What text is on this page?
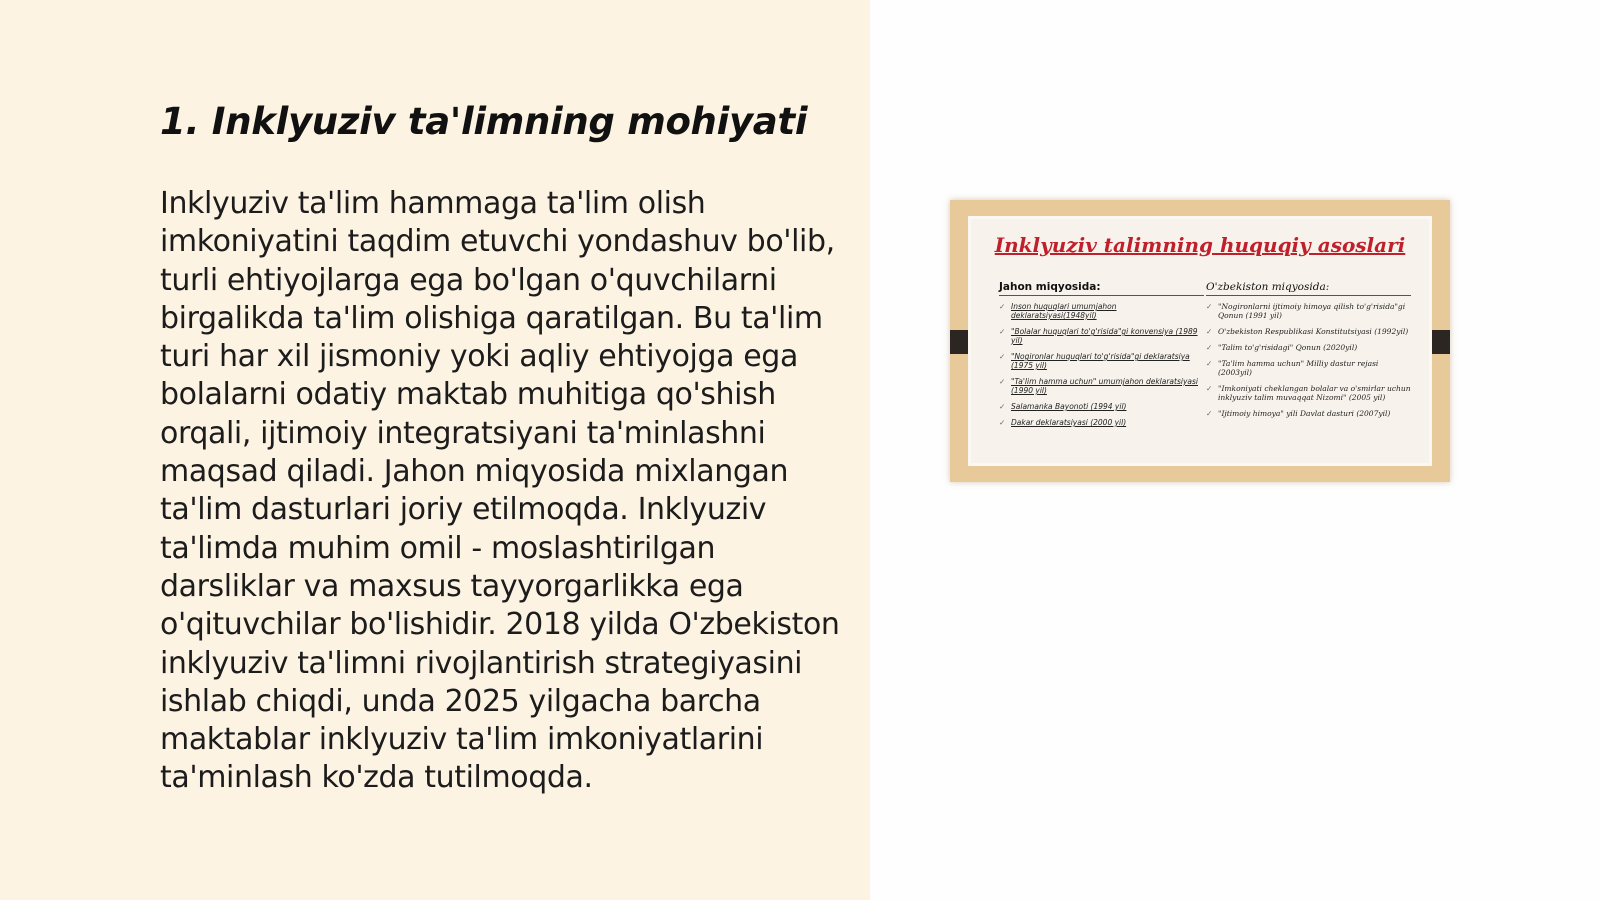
1. Inklyuziv ta'limning mohiyati

Inklyuziv ta'lim hammaga ta'lim olish imkoniyatini taqdim etuvchi yondashuv bo'lib, turli ehtiyojlarga ega bo'lgan o'quvchilarni birgalikda ta'lim olishiga qaratilgan. Bu ta'lim turi har xil jismoniy yoki aqliy ehtiyojga ega bolalarni odatiy maktab muhitiga qo'shish orqali, ijtimoiy integratsiyani ta'minlashni maqsad qiladi. Jahon miqyosida mixlangan ta'lim dasturlari joriy etilmoqda. Inklyuziv ta'limda muhim omil - moslashtirilgan darsliklar va maxsus tayyorgarlikka ega o'qituvchilar bo'lishidir. 2018 yilda O'zbekiston inklyuziv ta'limni rivojlantirish strategiyasini ishlab chiqdi, unda 2025 yilgacha barcha maktablar inklyuziv ta'lim imkoniyatlarini ta'minlash ko'zda tutilmoqda.

Inklyuziv talimning huquqiy asoslari
Jahon miqyosida:
✓ Inson huquqlari umumjahon deklaratsiyasi(1948yil)
✓ "Bolalar huquqlari to'g'risida"gi konvensiya (1989 yil)
✓ "Nogironlar huquqlari to'g'risida"gi deklaratsiya (1975 yil)
✓ "Ta'lim hamma uchun" umumjahon deklaratsiyasi (1990 yil)
✓ Salamanka Bayonoti (1994 yil)
✓ Dakar deklaratsiyasi (2000 yil)
O'zbekiston miqyosida:
✓ "Nogironlarni ijtimoiy himoya qilish to'g'risida"gi Qonun (1991 yil)
✓ O'zbekiston Respublikasi Konstitutsiyasi (1992yil)
✓ "Talim to'g'risidagi" Qonun (2020yil)
✓ "Ta'lim hamma uchun" Milliy dastur rejasi (2003yil)
✓ "Imkoniyati cheklangan bolalar va o'smirlar uchun inklyuziv talim muvaqqat Nizomi" (2005 yil)
✓ "Ijtimoiy himoya" yili Davlat dasturi (2007yil)
